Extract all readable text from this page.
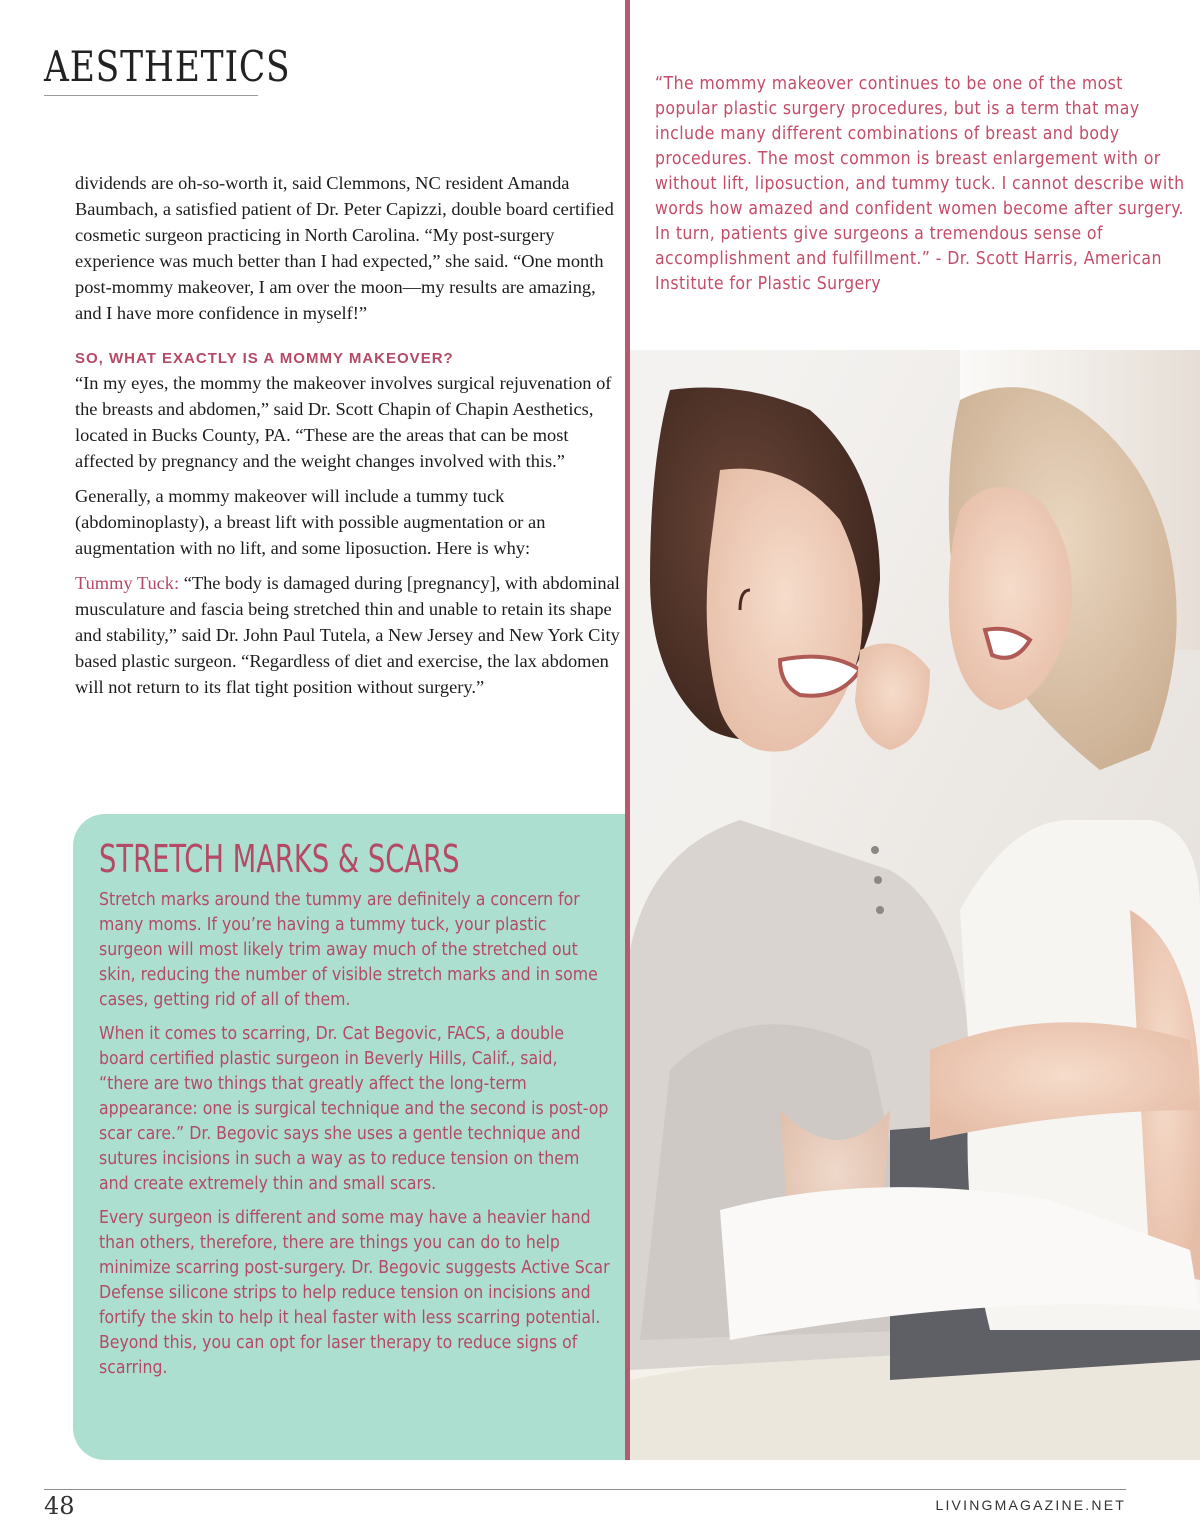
AESTHETICS

dividends are oh-so-worth it, said Clemmons, NC resident Amanda Baumbach, a satisfied patient of Dr. Peter Capizzi, double board certified cosmetic surgeon practicing in North Carolina. “My post-surgery experience was much better than I had expected,” she said. “One month post-mommy makeover, I am over the moon—my results are amazing, and I have more confidence in myself!”

SO, WHAT EXACTLY IS A MOMMY MAKEOVER?

“In my eyes, the mommy the makeover involves surgical rejuvenation of the breasts and abdomen,” said Dr. Scott Chapin of Chapin Aesthetics, located in Bucks County, PA. “These are the areas that can be most affected by pregnancy and the weight changes involved with this.”

Generally, a mommy makeover will include a tummy tuck (abdominoplasty), a breast lift with possible augmentation or an augmentation with no lift, and some liposuction. Here is why:

Tummy Tuck: “The body is damaged during [pregnancy], with abdominal musculature and fascia being stretched thin and unable to retain its shape and stability,” said Dr. John Paul Tutela, a New Jersey and New York City based plastic surgeon. “Regardless of diet and exercise, the lax abdomen will not return to its flat tight position without surgery.”

STRETCH MARKS & SCARS

Stretch marks around the tummy are definitely a concern for many moms. If you’re having a tummy tuck, your plastic surgeon will most likely trim away much of the stretched out skin, reducing the number of visible stretch marks and in some cases, getting rid of all of them.

When it comes to scarring, Dr. Cat Begovic, FACS, a double board certified plastic surgeon in Beverly Hills, Calif., said, “there are two things that greatly affect the long-term appearance: one is surgical technique and the second is post-op scar care.” Dr. Begovic says she uses a gentle technique and sutures incisions in such a way as to reduce tension on them and create extremely thin and small scars.

Every surgeon is different and some may have a heavier hand than others, therefore, there are things you can do to help minimize scarring post-surgery. Dr. Begovic suggests Active Scar Defense silicone strips to help reduce tension on incisions and fortify the skin to help it heal faster with less scarring potential. Beyond this, you can opt for laser therapy to reduce signs of scarring.

“The mommy makeover continues to be one of the most popular plastic surgery procedures, but is a term that may include many different combinations of breast and body procedures. The most common is breast enlargement with or without lift, liposuction, and tummy tuck. I cannot describe with words how amazed and confident women become after surgery. In turn, patients give surgeons a tremendous sense of accomplishment and fulfillment.” - Dr. Scott Harris, American Institute for Plastic Surgery

48	LIVINGMAGAZINE.NET
